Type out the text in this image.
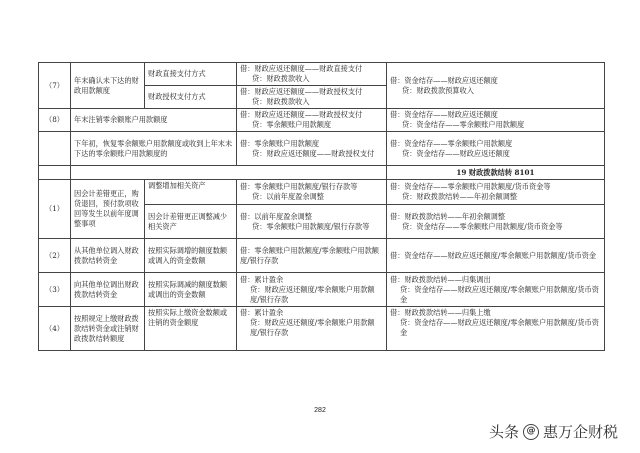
（7）	年末确认未下达的财政用款额度	财政直接支付方式	借：财政应返还额度——财政直接支付
贷：财政拨款收入	借：资金结存——财政应返还额度
贷：财政拨款预算收入

		财政授权支付方式	借：财政应返还额度——财政授权支付
贷：财政拨款收入	

（8）	年末注销零余额账户用款额度		借：财政应返还额度——财政授权支付
贷：零余额账户用款额度	借：资金结存——财政应返还额度
贷：资金结存——零余额账户用款额度

	下年初，恢复零余额账户用款额度或收到上年末未下达的零余额账户用款额度的		借：零余额账户用款额度
贷：财政应返还额度——财政授权支付	借：资金结存——零余额账户用款额度
贷：资金结存——财政应返还额度

				19 财政拨款结转 8101
（1）	因会计差错更正，购货退回，预付款项收回等发生以前年度调整事项	调整增加相关资产	借：零余额账户用款额度/银行存款等
贷：以前年度盈余调整	借：资金结存——零余额账户用款额度/货币资金等
贷：财政拨款结转——年初余额调整

		因会计差错更正调整减少相关资产	借：以前年度盈余调整
贷：零余额账户用款额度/银行存款等	借：财政拨款结转——年初余额调整
贷：资金结存——零余额账户用款额度/货币资金等

（2）	从其他单位调入财政拨款结转资金	按照实际调增的额度数额或调入的资金数额	借：零余额账户用款额度/零余额账户用款额度/银行存款	借：资金结存——财政应返还额度/零余额账户用款额度/货币资金
（3）	向其他单位调出财政拨款结转资金	按照实际调减的额度数额或调出的资金数额	借：累计盈余
贷：财政应返还额度/零余额账户用款额度/银行存款	借：财政拨款结转——归集调出
贷：资金结存——财政应返还额度/零余额账户用款额度/货币资金

（4）	按照规定上缴财政拨款结转资金或注销财政拨款结转额度	按照实际上缴资金数额或注销的资金额度	借：累计盈余
贷：财政应返还额度/零余额账户用款额度/银行存款	借：财政拨款结转——归集上缴
贷：资金结存——财政应返还额度/零余额账户用款额度/货币资金
282
头条 @ 惠万企财税
